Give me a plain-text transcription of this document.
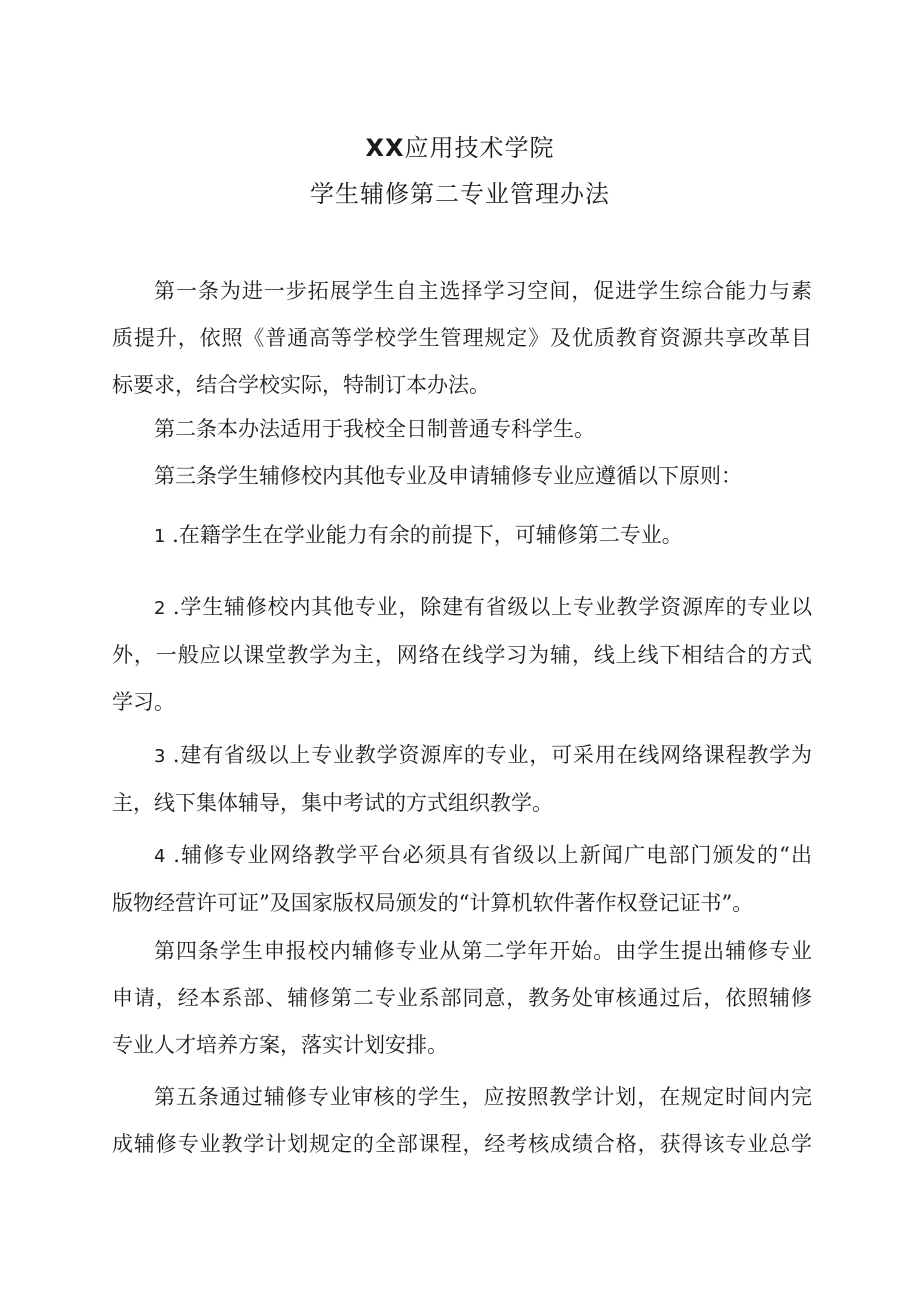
XX应用技术学院
学生辅修第二专业管理办法
第一条为进一步拓展学生自主选择学习空间，促进学生综合能力与素
质提升，依照《普通高等学校学生管理规定》及优质教育资源共享改革目
标要求，结合学校实际，特制订本办法。
第二条本办法适用于我校全日制普通专科学生。
第三条学生辅修校内其他专业及申请辅修专业应遵循以下原则：
1 .在籍学生在学业能力有余的前提下，可辅修第二专业。
2 .学生辅修校内其他专业，除建有省级以上专业教学资源库的专业以
外，一般应以课堂教学为主，网络在线学习为辅，线上线下相结合的方式
学习。
3 .建有省级以上专业教学资源库的专业，可采用在线网络课程教学为
主，线下集体辅导，集中考试的方式组织教学。
4 .辅修专业网络教学平台必须具有省级以上新闻广电部门颁发的“出
版物经营许可证”及国家版权局颁发的“计算机软件著作权登记证书”。
第四条学生申报校内辅修专业从第二学年开始。由学生提出辅修专业
申请，经本系部、辅修第二专业系部同意，教务处审核通过后，依照辅修
专业人才培养方案，落实计划安排。
第五条通过辅修专业审核的学生，应按照教学计划，在规定时间内完
成辅修专业教学计划规定的全部课程，经考核成绩合格，获得该专业总学
